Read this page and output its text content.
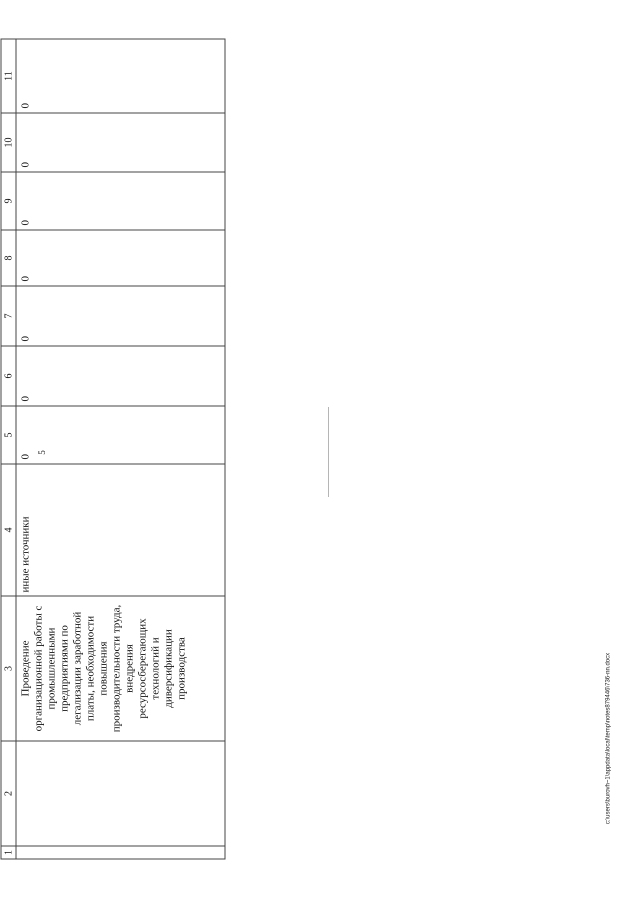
5
1	2	3	4	5	6	7	8	9	10	11
		Проведение организационной работы с промышленными предприятиями по легализации заработной платы, необходимости повышения производительности труда, внедрения ресурсосберегающих технологий и диверсификации производства	иные источники	0	0	0	0	0	0	0
c:\users\burovh~1\appdata\local\temp\notes879446\736-nn.docx
